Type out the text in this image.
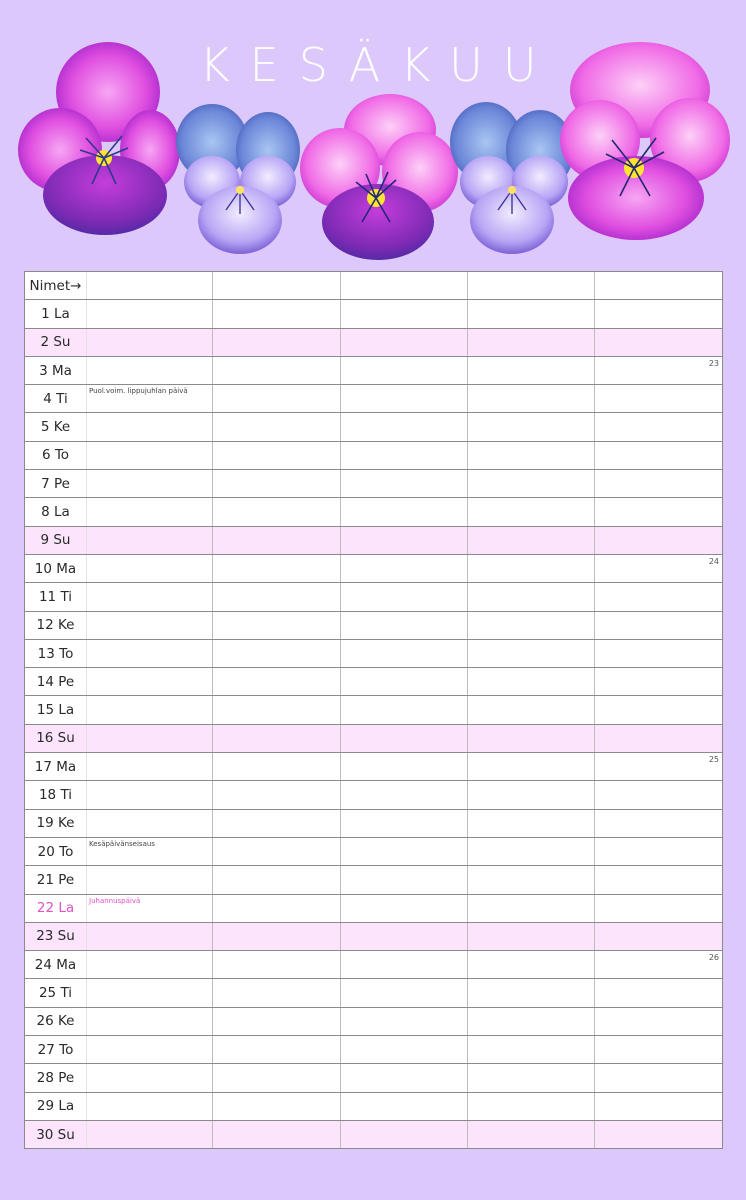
KESÄKUU
Nimet→					
1 La					
2 Su					
3 Ma					23

4 Ti	Puol.voim. lippujuhlan päivä				

5 Ke					
6 To					
7 Pe					
8 La					
9 Su					
10 Ma					24

11 Ti					
12 Ke					
13 To					
14 Pe					
15 La					
16 Su					
17 Ma					25

18 Ti					
19 Ke					
20 To	Kesäpäivänseisaus				

21 Pe					
22 La	Juhannuspäivä				

23 Su					
24 Ma					26

25 Ti					
26 Ke					
27 To					
28 Pe					
29 La					
30 Su					
